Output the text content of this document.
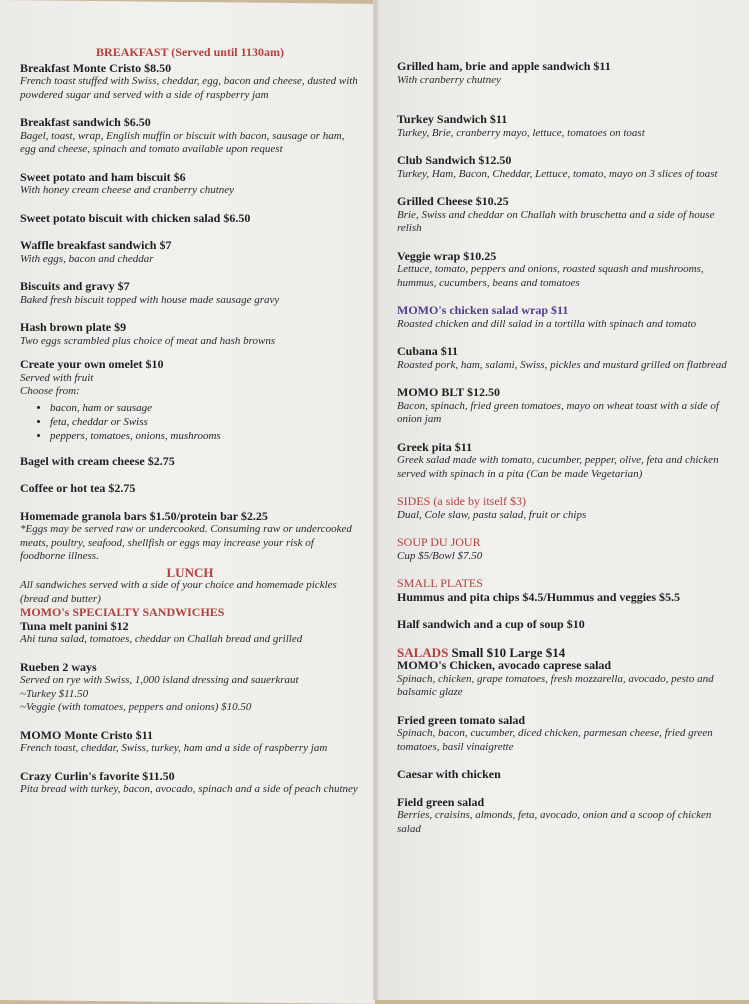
BREAKFAST (Served until 1130am)
Breakfast Monte Cristo $8.50
French toast stuffed with Swiss, cheddar, egg, bacon and cheese, dusted with powdered sugar and served with a side of raspberry jam
Breakfast sandwich $6.50
Bagel, toast, wrap, English muffin or biscuit with bacon, sausage or ham, egg and cheese, spinach and tomato available upon request
Sweet potato and ham biscuit $6
With honey cream cheese and cranberry chutney
Sweet potato biscuit with chicken salad $6.50
Waffle breakfast sandwich $7
With eggs, bacon and cheddar
Biscuits and gravy $7
Baked fresh biscuit topped with house made sausage gravy
Hash brown plate $9
Two eggs scrambled plus choice of meat and hash browns
Create your own omelet $10
Served with fruit
Choose from:
• bacon, ham or sausage
• feta, cheddar or Swiss
• peppers, tomatoes, onions, mushrooms
Bagel with cream cheese $2.75
Coffee or hot tea $2.75
Homemade granola bars $1.50/protein bar $2.25
*Eggs may be served raw or undercooked. Consuming raw or undercooked meats, poultry, seafood, shellfish or eggs may increase your risk of foodborne illness.
LUNCH
All sandwiches served with a side of your choice and homemade pickles (bread and butter)
MOMO's SPECIALTY SANDWICHES
Tuna melt panini $12
Ahi tuna salad, tomatoes, cheddar on Challah bread and grilled
Rueben 2 ways
Served on rye with Swiss, 1,000 island dressing and sauerkraut
~Turkey $11.50
~Veggie (with tomatoes, peppers and onions) $10.50
MOMO Monte Cristo $11
French toast, cheddar, Swiss, turkey, ham and a side of raspberry jam
Crazy Curlin's favorite $11.50
Pita bread with turkey, bacon, avocado, spinach and a side of peach chutney
Grilled ham, brie and apple sandwich $11
With cranberry chutney
Turkey Sandwich $11
Turkey, Brie, cranberry mayo, lettuce, tomatoes on toast
Club Sandwich $12.50
Turkey, Ham, Bacon, Cheddar, Lettuce, tomato, mayo on 3 slices of toast
Grilled Cheese $10.25
Brie, Swiss and cheddar on Challah with bruschetta and a side of house relish
Veggie wrap $10.25
Lettuce, tomato, peppers and onions, roasted squash and mushrooms, hummus, cucumbers, beans and tomatoes
MOMO's chicken salad wrap $11
Roasted chicken and dill salad in a tortilla with spinach and tomato
Cubana $11
Roasted pork, ham, salami, Swiss, pickles and mustard grilled on flatbread
MOMO BLT $12.50
Bacon, spinach, fried green tomatoes, mayo on wheat toast with a side of onion jam
Greek pita $11
Greek salad made with tomato, cucumber, pepper, olive, feta and chicken served with spinach in a pita (Can be made Vegetarian)
SIDES (a side by itself $3)
Dual, Cole slaw, pasta salad, fruit or chips
SOUP DU JOUR
Cup $5/Bowl $7.50
SMALL PLATES
Hummus and pita chips $4.5/Hummus and veggies $5.5
Half sandwich and a cup of soup $10
SALADS Small $10 Large $14
MOMO's Chicken, avocado caprese salad
Spinach, chicken, grape tomatoes, fresh mozzarella, avocado, pesto and balsamic glaze
Fried green tomato salad
Spinach, bacon, cucumber, diced chicken, parmesan cheese, fried green tomatoes, basil vinaigrette
Caesar with chicken
Field green salad
Berries, craisins, almonds, feta, avocado, onion and a scoop of chicken salad
